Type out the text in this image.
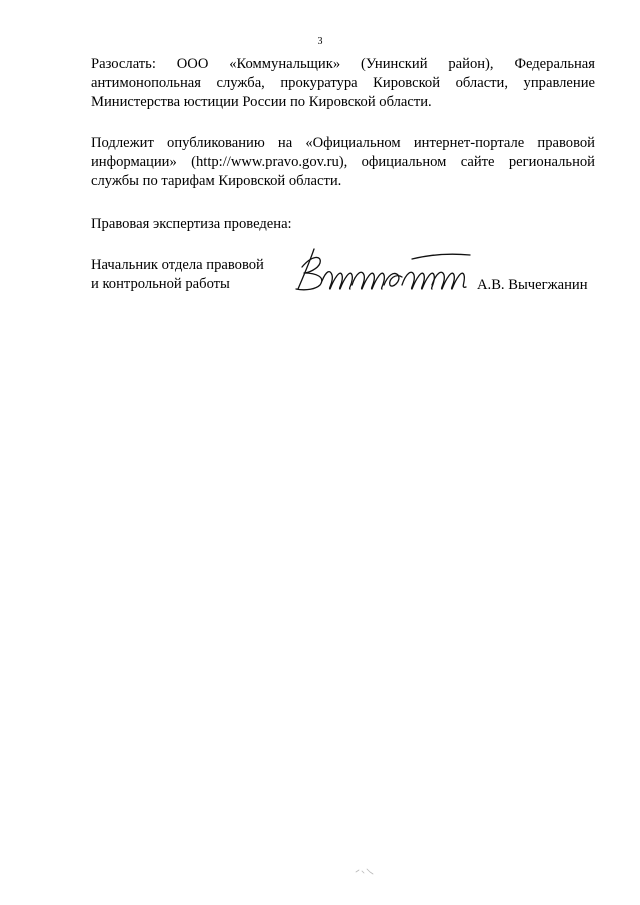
3
Разослать: ООО «Коммунальщик» (Унинский район), Федеральная антимонопольная служба, прокуратура Кировской области, управление Министерства юстиции России по Кировской области.
Подлежит опубликованию на «Официальном интернет-портале правовой информации» (http://www.pravo.gov.ru), официальном сайте региональной службы по тарифам Кировской области.
Правовая экспертиза проведена:
Начальник отдела правовой
и контрольной работы	А.В. Вычегжанин
